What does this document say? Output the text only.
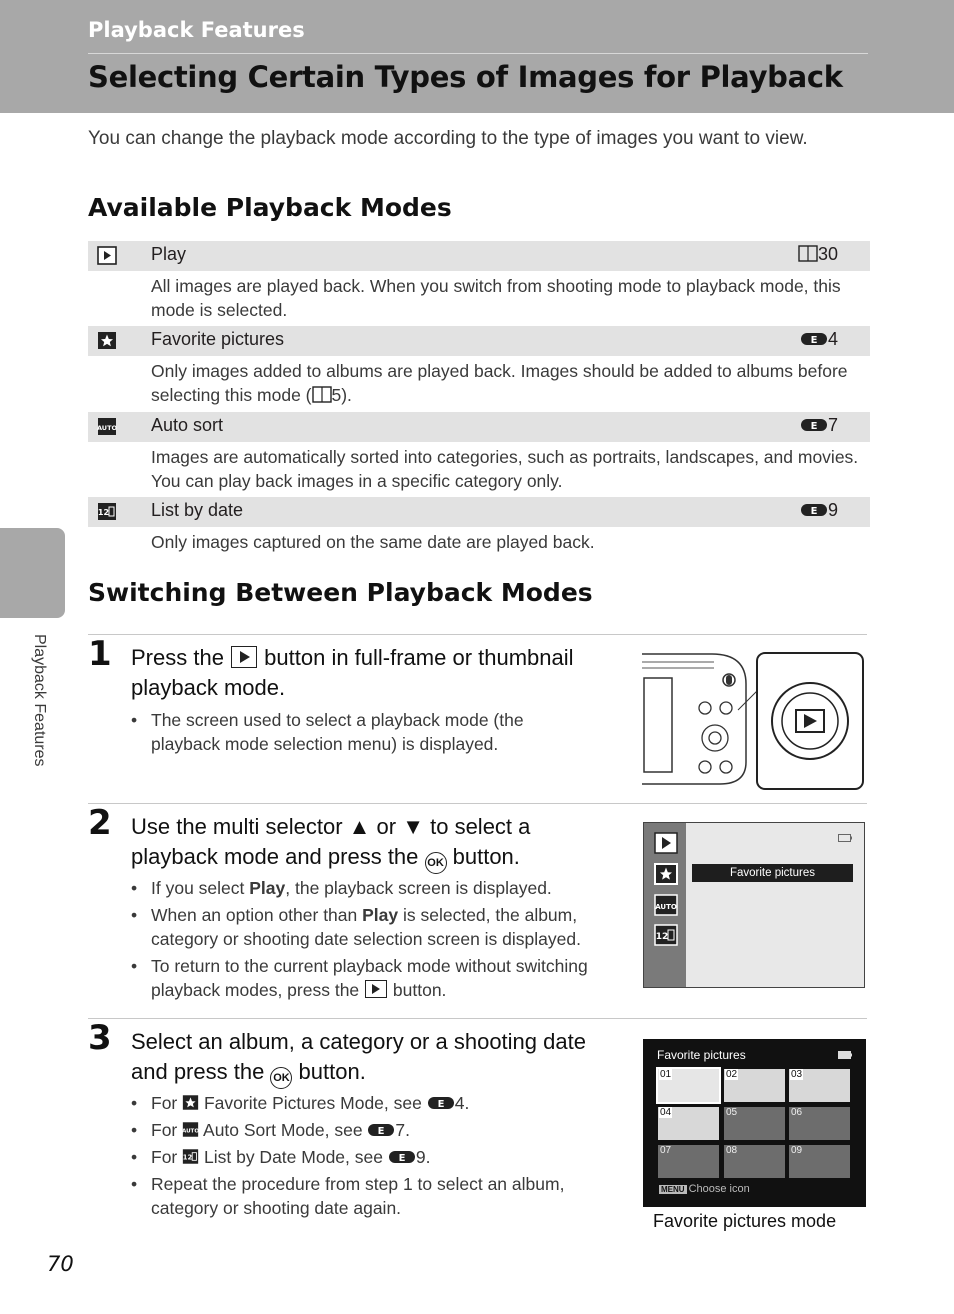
Playback Features
Selecting Certain Types of Images for Playback
You can change the playback mode according to the type of images you want to view.
Available Playback Modes
Play	30
All images are played back. When you switch from shooting mode to playback mode, this mode is selected.
Favorite pictures	E 4
Only images added to albums are played back. Images should be added to albums before selecting this mode ( 5).
AUTO Auto sort	E 7
Images are automatically sorted into categories, such as portraits, landscapes, and movies. You can play back images in a specific category only.
12 List by date	E 9
Only images captured on the same date are played back.
Playback Features
Switching Between Playback Modes
1 Press the
button in full-frame or thumbnail playback mode.
• The screen used to select a playback mode (the playback mode selection menu) is displayed.
2 Use the multi selector ▲ or ▼ to select a playback mode and press the OK button.
• If you select Play, the playback screen is displayed.
• When an option other than Play is selected, the album, category or shooting date selection screen is displayed.
• To return to the current playback mode without switching playback modes, press the
button.
AUTO
12
Favorite pictures
3 Select an album, a category or a shooting date and press the OK button.
• For  Favorite Pictures Mode, see E 4.
• For AUTO Auto Sort Mode, see E 7.
• For 12 List by Date Mode, see E 9.
• Repeat the procedure from step 1 to select an album, category or shooting date again.
Favorite pictures
01	02	03
04	05	06
07	08	09
MENU Choose icon
Favorite pictures mode
70
